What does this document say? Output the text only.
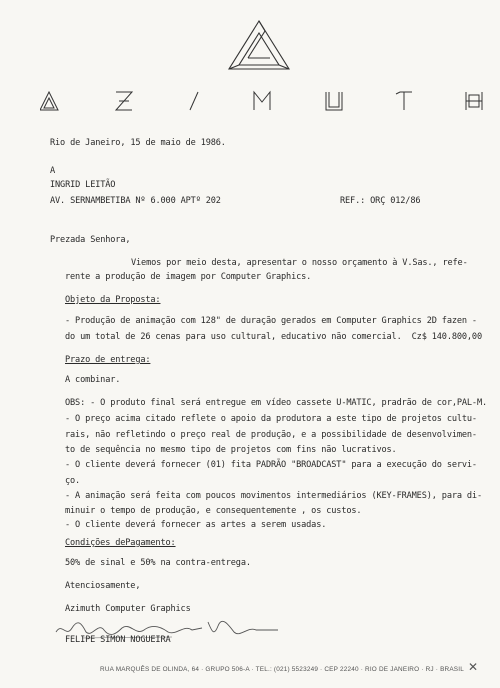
Rio de Janeiro, 15 de maio de 1986.
A
INGRID LEITÃO
AV. SERNAMBETIBA Nº 6.000 APTº 202	REF.: ORÇ 012/86
Prezada Senhora,
Viemos por meio desta, apresentar o nosso orçamento à V.Sas., refe-
rente a produção de imagem por Computer Graphics.
Objeto da Proposta:
- Produção de animação com 128" de duração gerados em Computer Graphics 2D fazen -
do um total de 26 cenas para uso cultural, educativo não comercial.  Cz$ 140.800,00
Prazo de entrega:
A combinar.
OBS: - O produto final será entregue em vídeo cassete U-MATIC, pradrão de cor,PAL-M.
- O preço acima citado reflete o apoio da produtora a este tipo de projetos cultu-
rais, não refletindo o preço real de produção, e a possibilidade de desenvolvimen-
to de sequência no mesmo tipo de projetos com fins não lucrativos.
- O cliente deverá fornecer (01) fita PADRÃO "BROADCAST" para a execução do servi-
ço.
- A animação será feita com poucos movimentos intermediários (KEY-FRAMES), para di-
minuir o tempo de produção, e consequentemente , os custos.
- O cliente deverá fornecer as artes a serem usadas.
Condições dePagamento:
50% de sinal e 50% na contra-entrega.
Atenciosamente,
Azimuth Computer Graphics
FELIPE SIMON NOGUEIRA
RUA MARQUÊS DE OLINDA, 64 · GRUPO 506-A · TEL.: (021) 5523249 · CEP 22240 · RIO DE JANEIRO · RJ · BRASIL ✕
